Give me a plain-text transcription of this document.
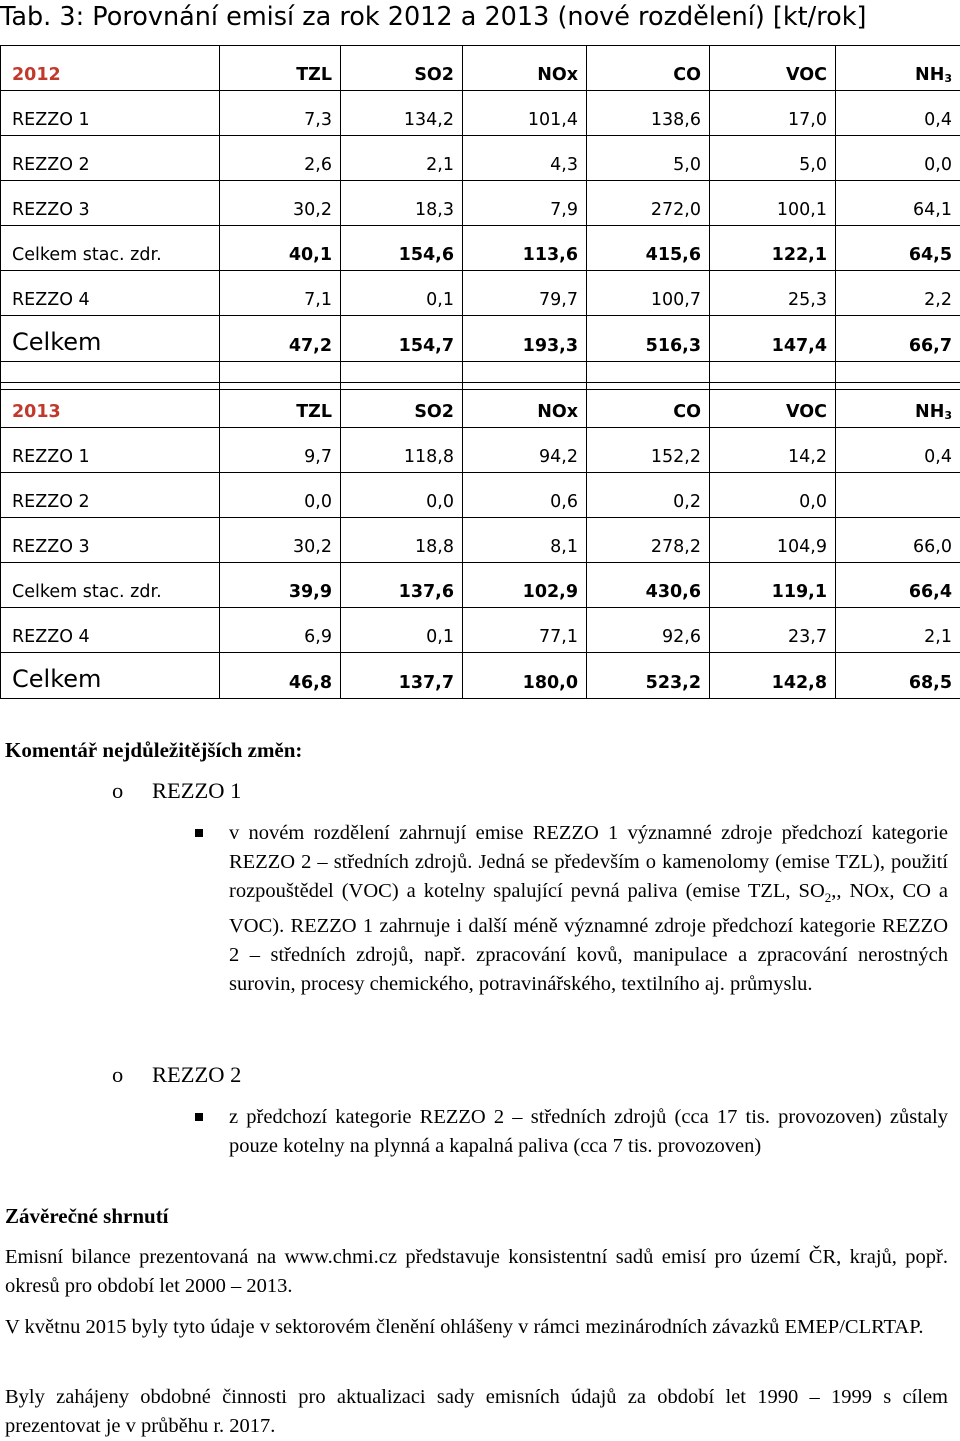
Tab. 3: Porovnání emisí za rok 2012 a 2013 (nové rozdělení) [kt/rok]
2012	TZL	SO2	NOx	CO	VOC	$NH_3$
REZZO 1	7,3	134,2	101,4	138,6	17,0	0,4
REZZO 2	2,6	2,1	4,3	5,0	5,0	0,0
REZZO 3	30,2	18,3	7,9	272,0	100,1	64,1
Celkem stac. zdr.	40,1	154,6	113,6	415,6	122,1	64,5
REZZO 4	7,1	0,1	79,7	100,7	25,3	2,2
Celkem	47,2	154,7	193,3	516,3	147,4	66,7

2013	TZL	SO2	NOx	CO	VOC	$NH_3$
REZZO 1	9,7	118,8	94,2	152,2	14,2	0,4
REZZO 2	0,0	0,0	0,6	0,2	0,0	
REZZO 3	30,2	18,8	8,1	278,2	104,9	66,0
Celkem stac. zdr.	39,9	137,6	102,9	430,6	119,1	66,4
REZZO 4	6,9	0,1	77,1	92,6	23,7	2,1
Celkem	46,8	137,7	180,0	523,2	142,8	68,5
Komentář nejdůležitějších změn:
o REZZO 1
v novém rozdělení zahrnují emise REZZO 1 významné zdroje předchozí kategorie REZZO 2 – středních zdrojů. Jedná se především o kamenolomy (emise TZL), použití rozpouštědel (VOC) a kotelny spalující pevná paliva (emise TZL, $SO_2$,, NOx, CO a VOC). REZZO 1 zahrnuje i další méně významné zdroje předchozí kategorie REZZO 2 – středních zdrojů, např. zpracování kovů, manipulace a zpracování nerostných surovin, procesy chemického, potravinářského, textilního aj. průmyslu.
o REZZO 2
z předchozí kategorie REZZO 2 – středních zdrojů (cca 17 tis. provozoven) zůstaly pouze kotelny na plynná a kapalná paliva (cca 7 tis. provozoven)
Závěrečné shrnutí
Emisní bilance prezentovaná na www.chmi.cz představuje konsistentní sadů emisí pro území ČR, krajů, popř. okresů pro období let 2000 – 2013.
V květnu 2015 byly tyto údaje v sektorovém členění ohlášeny v rámci mezinárodních závazků EMEP/CLRTAP.
Byly zahájeny obdobné činnosti pro aktualizaci sady emisních údajů za období let 1990 – 1999 s cílem prezentovat je v průběhu r. 2017.
